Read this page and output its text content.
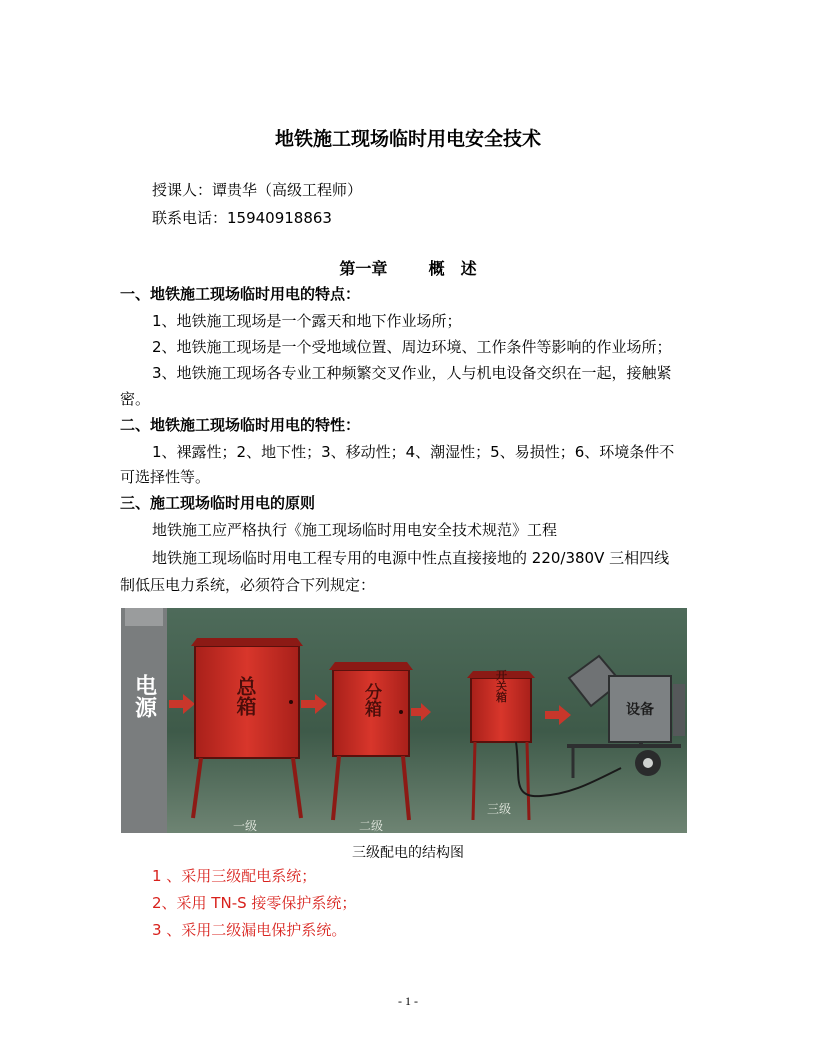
地铁施工现场临时用电安全技术
授课人：谭贵华（高级工程师）
联系电话：15940918863
第一章	概　述
一、地铁施工现场临时用电的特点：
1、地铁施工现场是一个露天和地下作业场所；
2、地铁施工现场是一个受地域位置、周边环境、工作条件等影响的作业场所；
3、地铁施工现场各专业工种频繁交叉作业，人与机电设备交织在一起，接触紧
密。
二、地铁施工现场临时用电的特性：
1、裸露性；2、地下性；3、移动性；4、潮湿性；5、易损性；6、环境条件不
可选择性等。
三、施工现场临时用电的原则
地铁施工应严格执行《施工现场临时用电安全技术规范》工程
地铁施工现场临时用电工程专用的电源中性点直接接地的 220/380V 三相四线
制低压电力系统，必须符合下列规定：
电源	总箱
一级
分箱
二级
开关箱
三级
设备
三级配电的结构图
1 、采用三级配电系统；
2、采用 TN-S 接零保护系统；
3 、采用二级漏电保护系统。
- 1 -
